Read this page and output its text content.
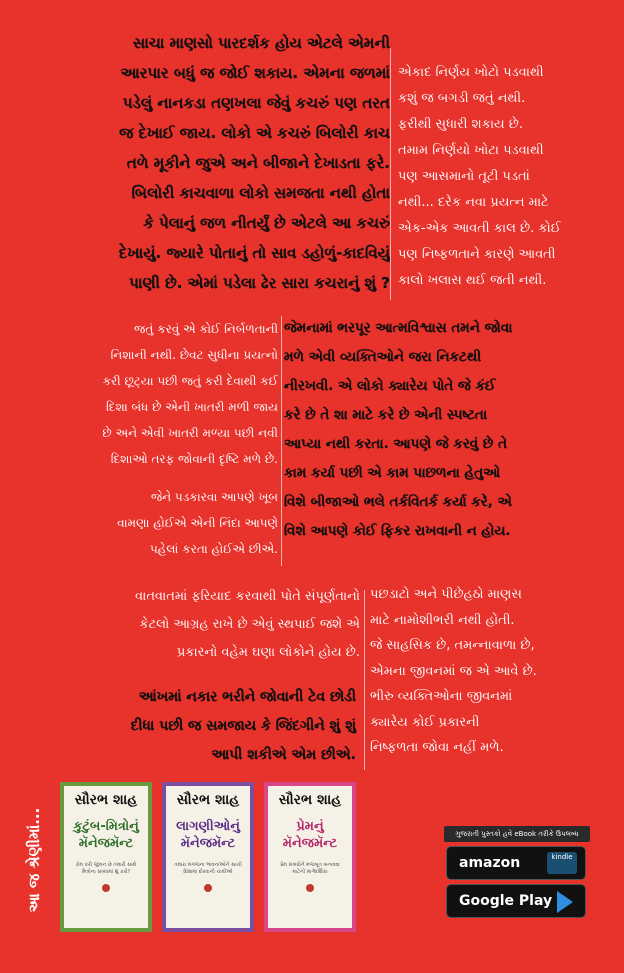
સાચા માણસો પારદર્શક હોય એટલે એમની
આરપાર બધું જ જોઈ શકાય. એમના જળમાં
પડેલું નાનકડા તણખલા જેવું કચરું પણ તરત
જ દેખાઈ જાય. લોકો એ કચરું બિલોરી કાચ
તળે મૂકીને જુએ અને બીજાને દેખાડતા ફરે.
બિલોરી કાચવાળા લોકો સમજતા નથી હોતા
કે પેલાનું જળ નીતર્યું છે એટલે આ કચરું
દેખાયું. જ્યારે પોતાનું તો સાવ ડહોળું-કાદવિયું
પાણી છે. એમાં પડેલા ઢેર સારા કચરાનું શું ?

એકાદ નિર્ણય ખોટો પડવાથી
કશું જ બગડી જતું નથી.
ફરીથી સુધારી શકાય છે.
તમામ નિર્ણયો ખોટા પડવાથી
પણ આસમાનો તૂટી પડતાં
નથી... દરેક નવા પ્રયત્ન માટે
એક-એક આવતી કાલ છે. કોઈ
પણ નિષ્ફળતાને કારણે આવતી
કાલો ખલાસ થઈ જતી નથી.

જતું કરવું એ કોઈ નિર્બળતાની
નિશાની નથી. છેવટ સુધીના પ્રયત્નો
કરી છૂટ્યા પછી જતું કરી દેવાથી કઈ
દિશા બંધ છે એની ખાતરી મળી જાય
છે અને એવી ખાતરી મળ્યા પછી નવી
દિશાઓ તરફ જોવાની દૃષ્ટિ મળે છે.

જેને પડકારવા આપણે ખૂબ
વામણા હોઈએ એની નિંદા આપણે
પહેલાં કરતા હોઈએ છીએ.

જેમનામાં ભરપૂર આત્મવિશ્વાસ તમને જોવા
મળે એવી વ્યક્તિઓને જરા નિકટથી
નીરખવી. એ લોકો ક્યારેય પોતે જે કંઈ
કરે છે તે શા માટે કરે છે એની સ્પષ્ટતા
આપ્યા નથી કરતા. આપણે જે કરવું છે તે
કામ કર્યા પછી એ કામ પાછળના હેતુઓ
વિશે બીજાઓ ભલે તર્કવિતર્ક કર્યા કરે, એ
વિશે આપણે કોઈ ફિકર રાખવાની ન હોય.

વાતવાતમાં ફરિયાદ કરવાથી પોતે સંપૂર્ણતાનો
કેટલો આગ્રહ રાખે છે એવું સ્થપાઈ જશે એ
પ્રકારનો વહેમ ઘણા લોકોને હોય છે.

આંખમાં નકાર ભરીને જોવાની ટેવ છોડી
દીધા પછી જ સમજાય કે જિંદગીને શું શું
આપી શકીએ એમ છીએ.

પછડાટો અને પીછેહઠો માણસ
માટે નામોશીભરી નથી હોતી.
જે સાહસિક છે, તમન્નાવાળા છે,
એમના જીવનમાં જ એ આવે છે.
ભીરુ વ્યક્તિઓના જીવનમાં
ક્યારેય કોઈ પ્રકારની
નિષ્ફળતા જોવા નહીં મળે.

આ જ શ્રેણીમાં...
સૌરભ શાહ
કુટુંબ-મિત્રોનું
મૅનેજમૅન્ટ
કેમ કરી જીવન છે તમારી સાથે મિત્રોના સંબંધમાં શું કરો?
સૌરભ શાહ
લાગણીઓનું
મૅનેજમૅન્ટ
તમારા મગજના ભાવનાઓને સાચી દિશામાં દોરવાની ચાવીઓ
સૌરભ શાહ
પ્રેમનું
મૅનેજમૅન્ટ
પ્રેમ સંબંધોને મજબૂત બનાવવા માટેની માર્ગદર્શિકા
ગુજરાતી પુસ્તકો હવે eBook તરીકે ઉપલબ્ધ
amazon	kindle
Google Play
